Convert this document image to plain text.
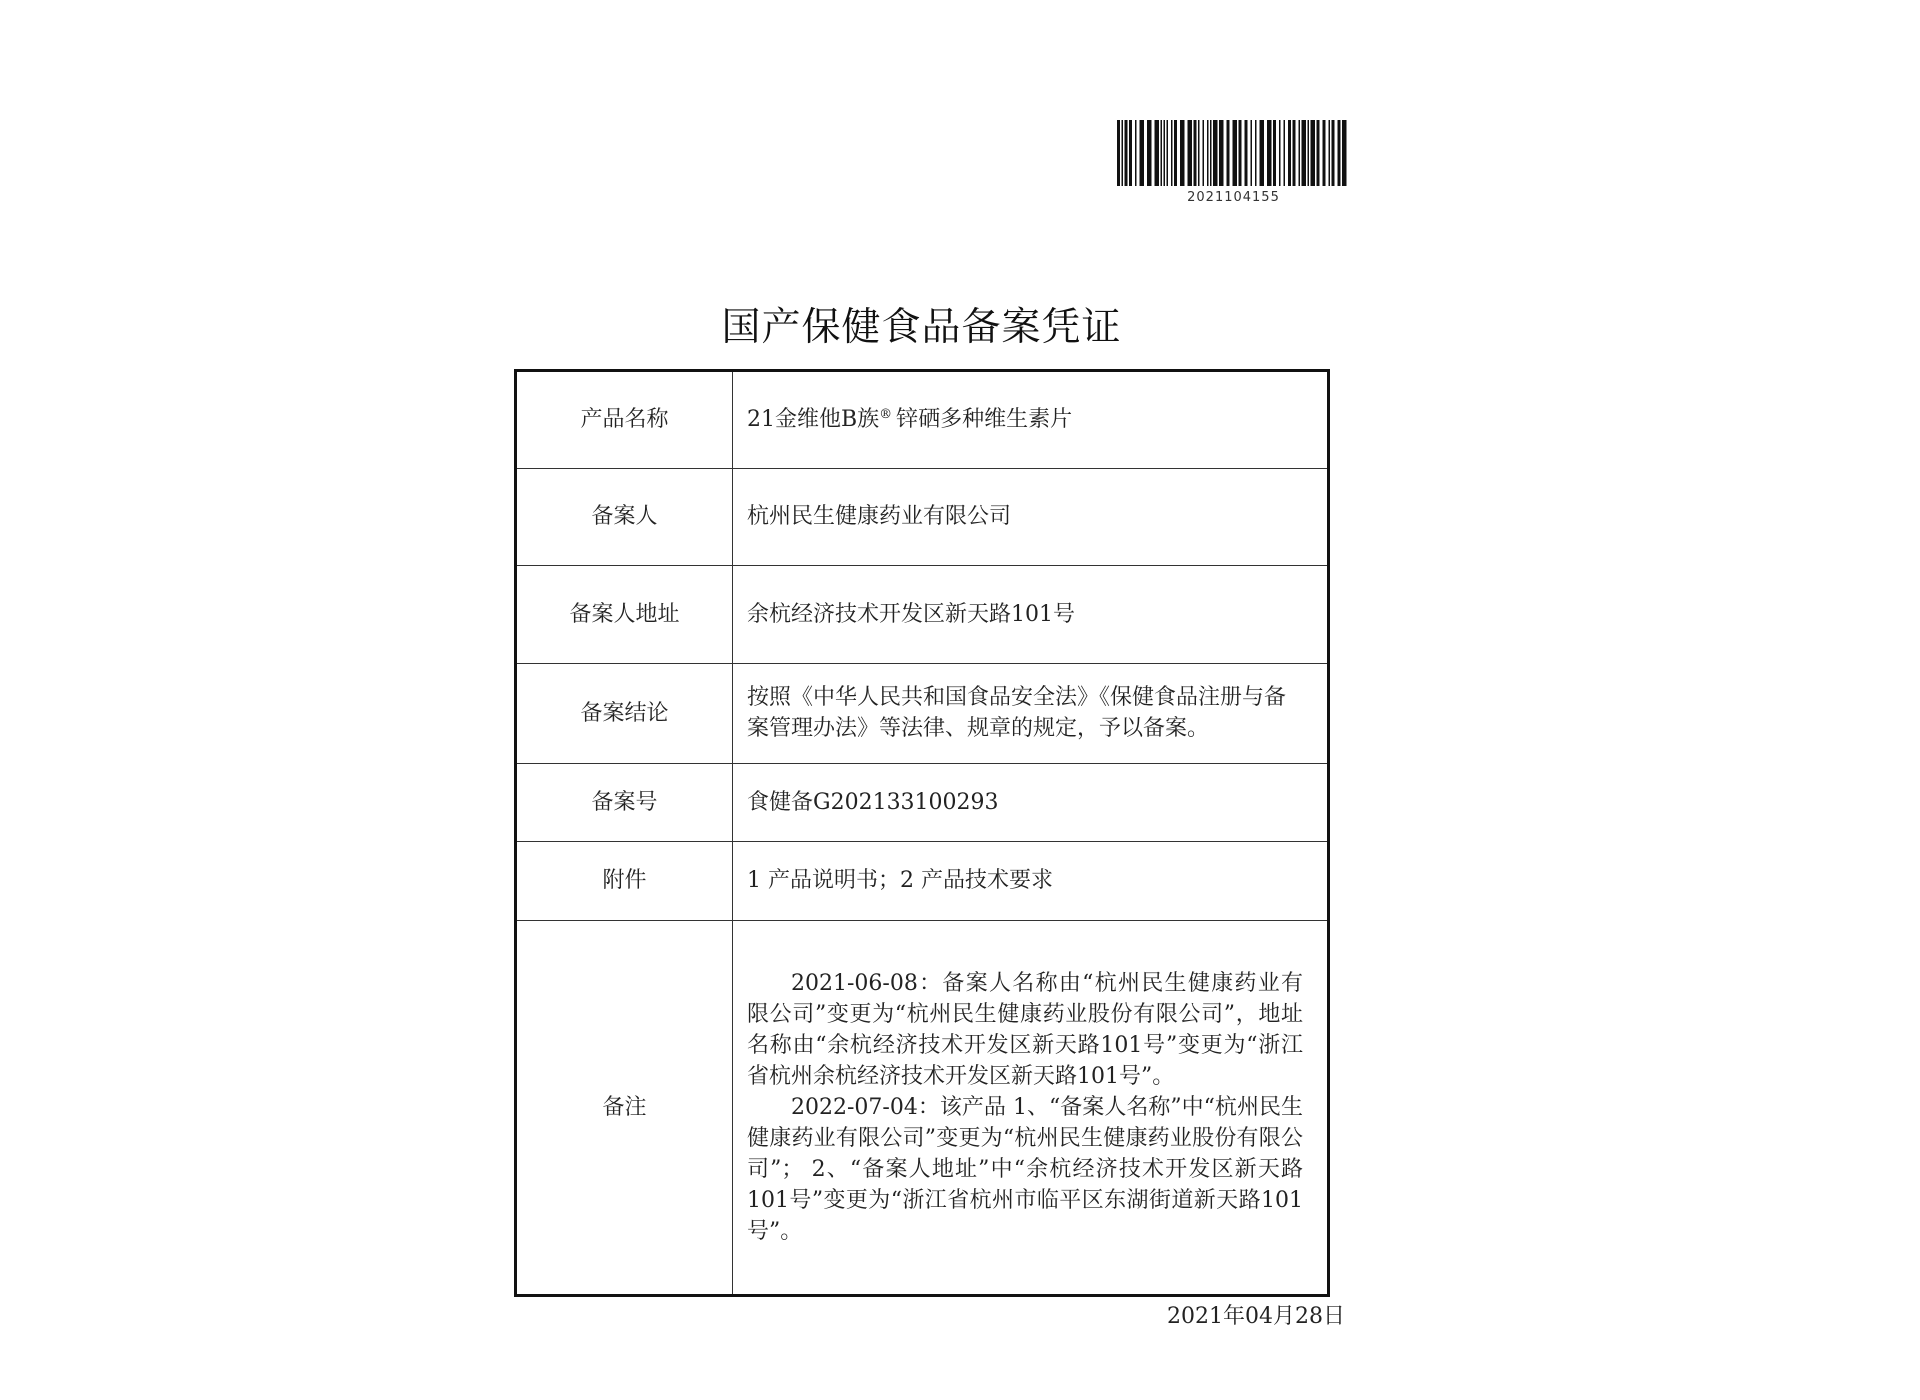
2021104155
国产保健食品备案凭证
产品名称	21金维他B族® 锌硒多种维生素片
备案人	杭州民生健康药业有限公司
备案人地址	余杭经济技术开发区新天路101号
备案结论	按照《中华人民共和国食品安全法》《保健食品注册与备案管理办法》等法律、规章的规定，予以备案。
备案号	食健备G202133100293
附件	1 产品说明书；2 产品技术要求
备注	2021-06-08：备案人名称由“杭州民生健康药业有限公司”变更为“杭州民生健康药业股份有限公司”，地址名称由“余杭经济技术开发区新天路101号”变更为“浙江省杭州余杭经济技术开发区新天路101号”。

2022-07-04：该产品 1、“备案人名称”中“杭州民生健康药业有限公司”变更为“杭州民生健康药业股份有限公司”； 2、“备案人地址”中“余杭经济技术开发区新天路101号”变更为“浙江省杭州市临平区东湖街道新天路101号”。

2021年04月28日
